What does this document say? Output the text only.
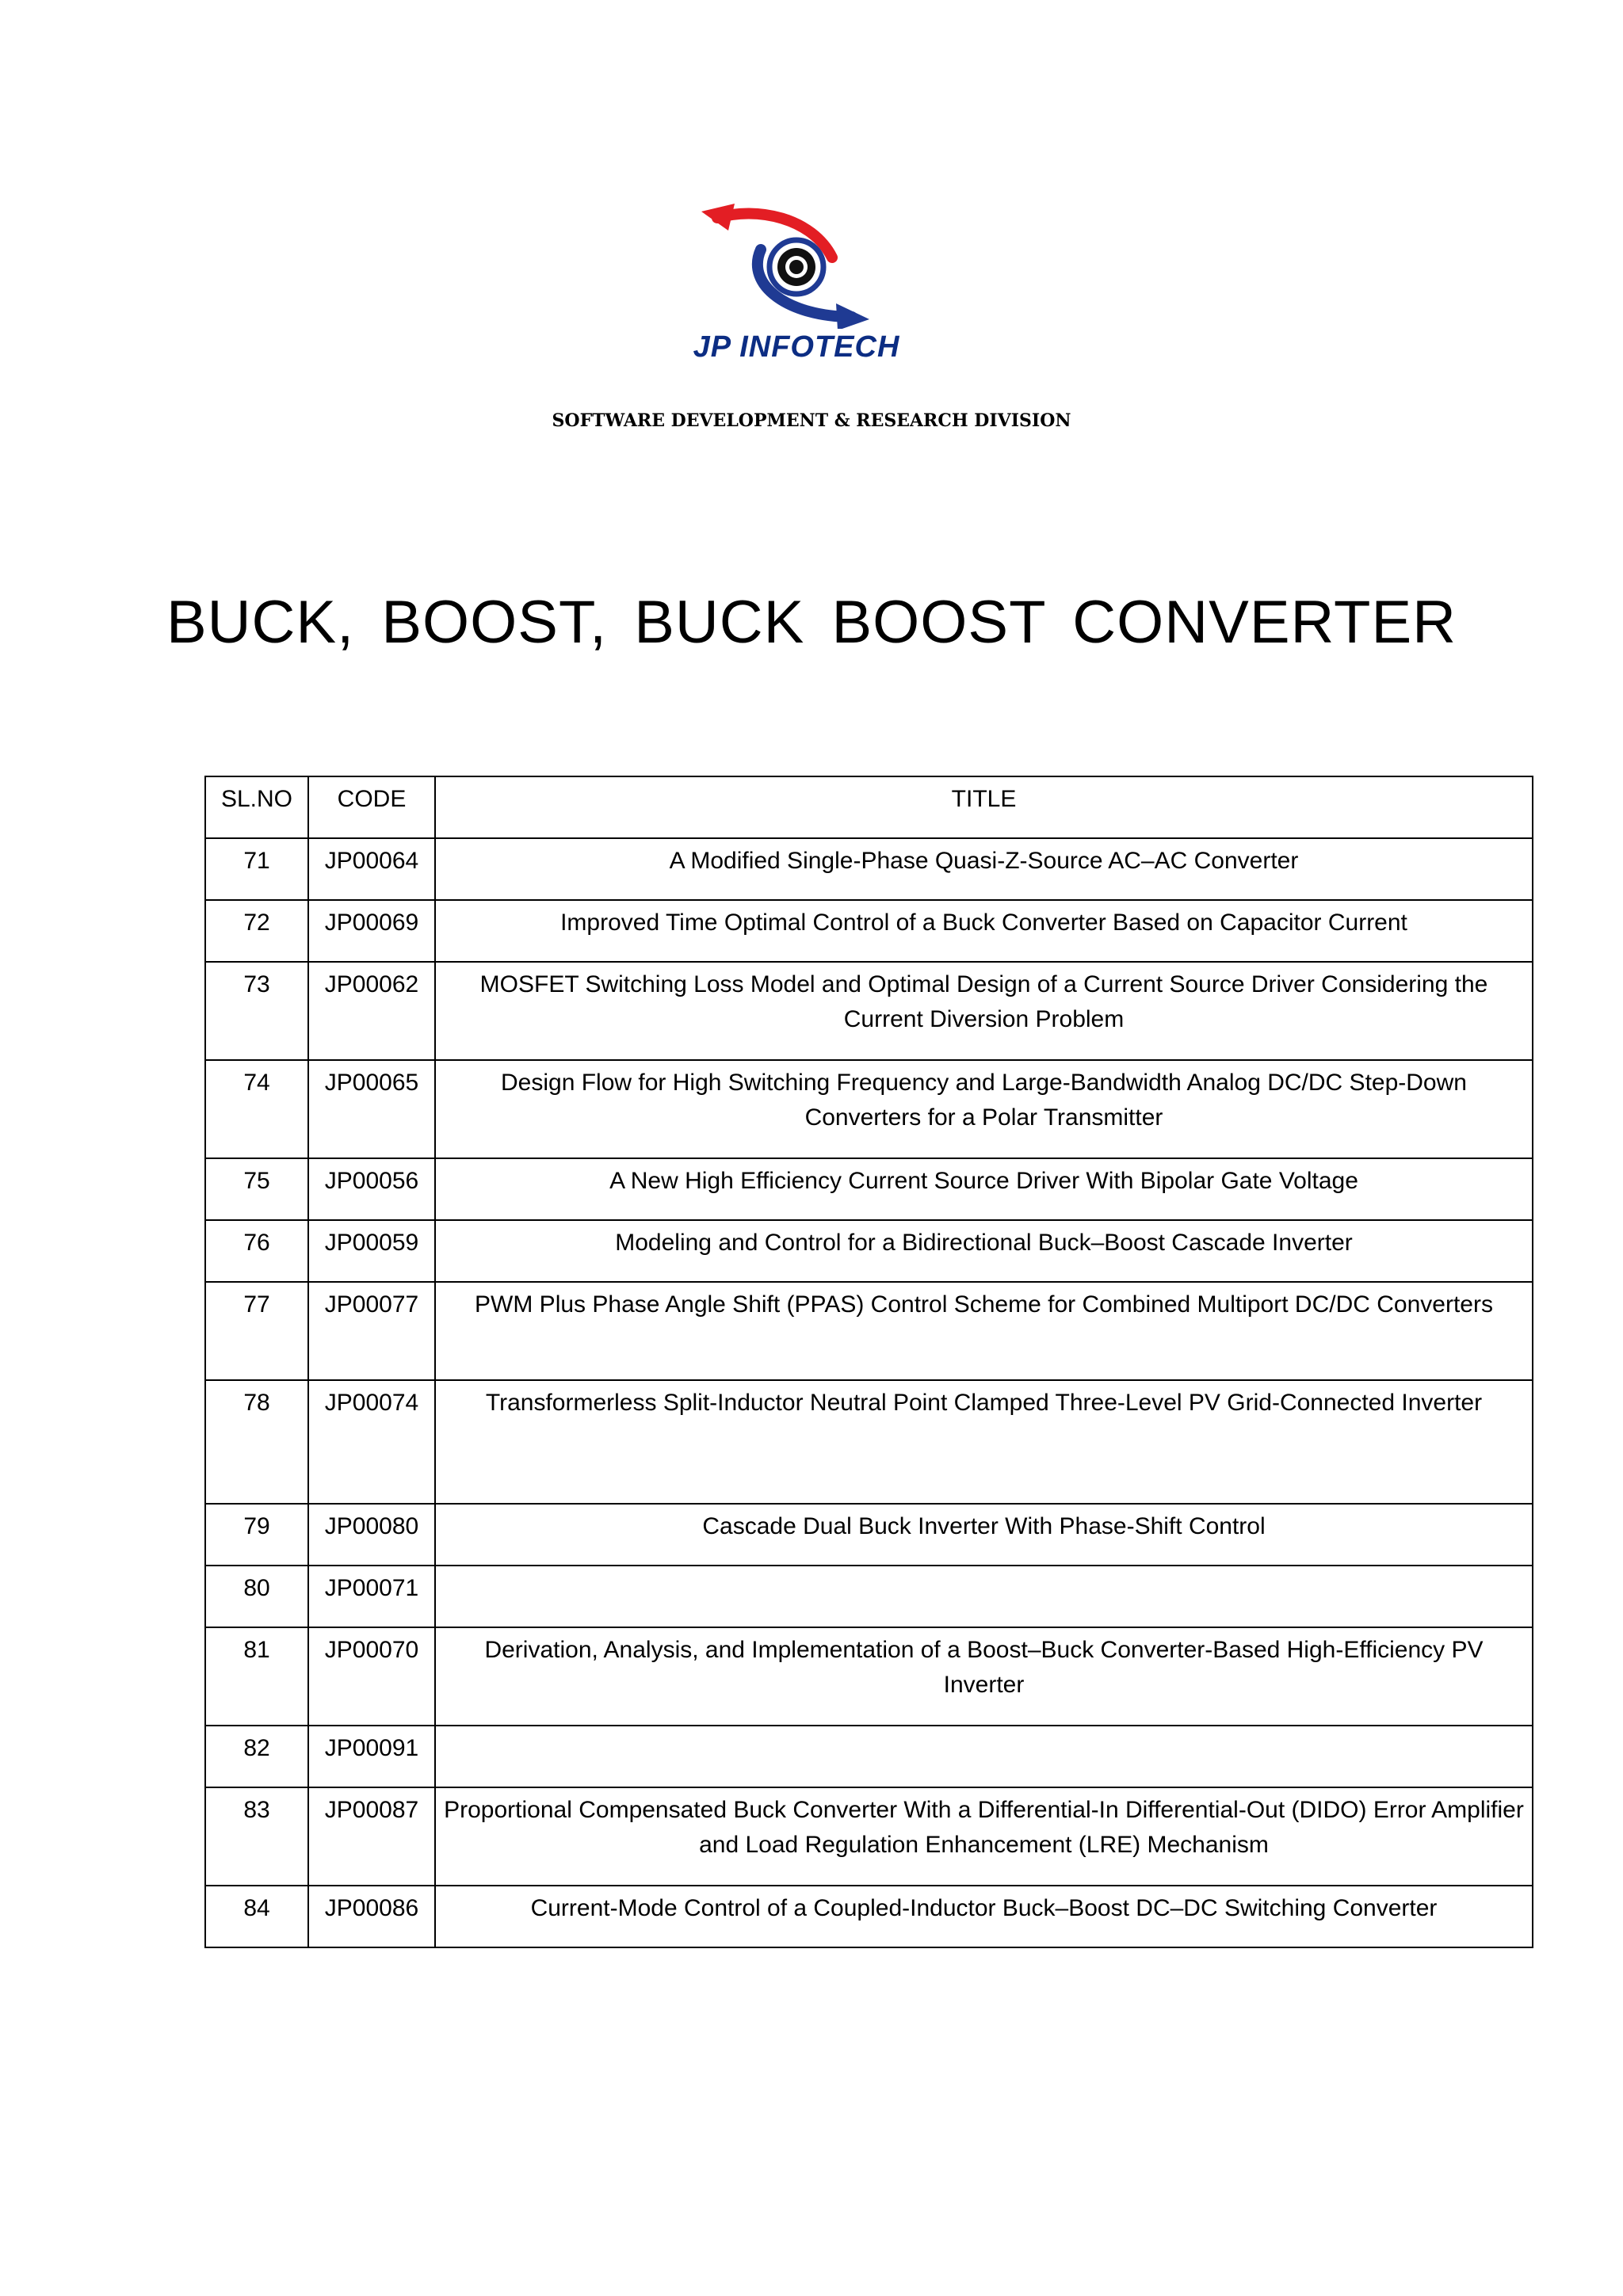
JP INFOTECH
SOFTWARE DEVELOPMENT & RESEARCH DIVISION
BUCK, BOOST, BUCK BOOST CONVERTER
SL.NO	CODE	TITLE
71	JP00064	A Modified Single-Phase Quasi-Z-Source AC–AC Converter
72	JP00069	Improved Time Optimal Control of a Buck Converter Based on Capacitor Current
73	JP00062	MOSFET Switching Loss Model and Optimal Design of a Current Source Driver Considering the Current Diversion Problem
74	JP00065	Design Flow for High Switching Frequency and Large-Bandwidth Analog DC/DC Step-Down Converters for a Polar Transmitter
75	JP00056	A New High Efficiency Current Source Driver With Bipolar Gate Voltage
76	JP00059	Modeling and Control for a Bidirectional Buck–Boost Cascade Inverter
77	JP00077	PWM Plus Phase Angle Shift (PPAS) Control Scheme for Combined Multiport DC/DC Converters
78	JP00074	Transformerless Split-Inductor Neutral Point Clamped Three-Level PV Grid-Connected Inverter
79	JP00080	Cascade Dual Buck Inverter With Phase-Shift Control
80	JP00071	
81	JP00070	Derivation, Analysis, and Implementation of a Boost–Buck Converter-Based High-Efficiency PV Inverter
82	JP00091	
83	JP00087	Proportional Compensated Buck Converter With a Differential-In Differential-Out (DIDO) Error Amplifier and Load Regulation Enhancement (LRE) Mechanism
84	JP00086	Current-Mode Control of a Coupled-Inductor Buck–Boost DC–DC Switching Converter
